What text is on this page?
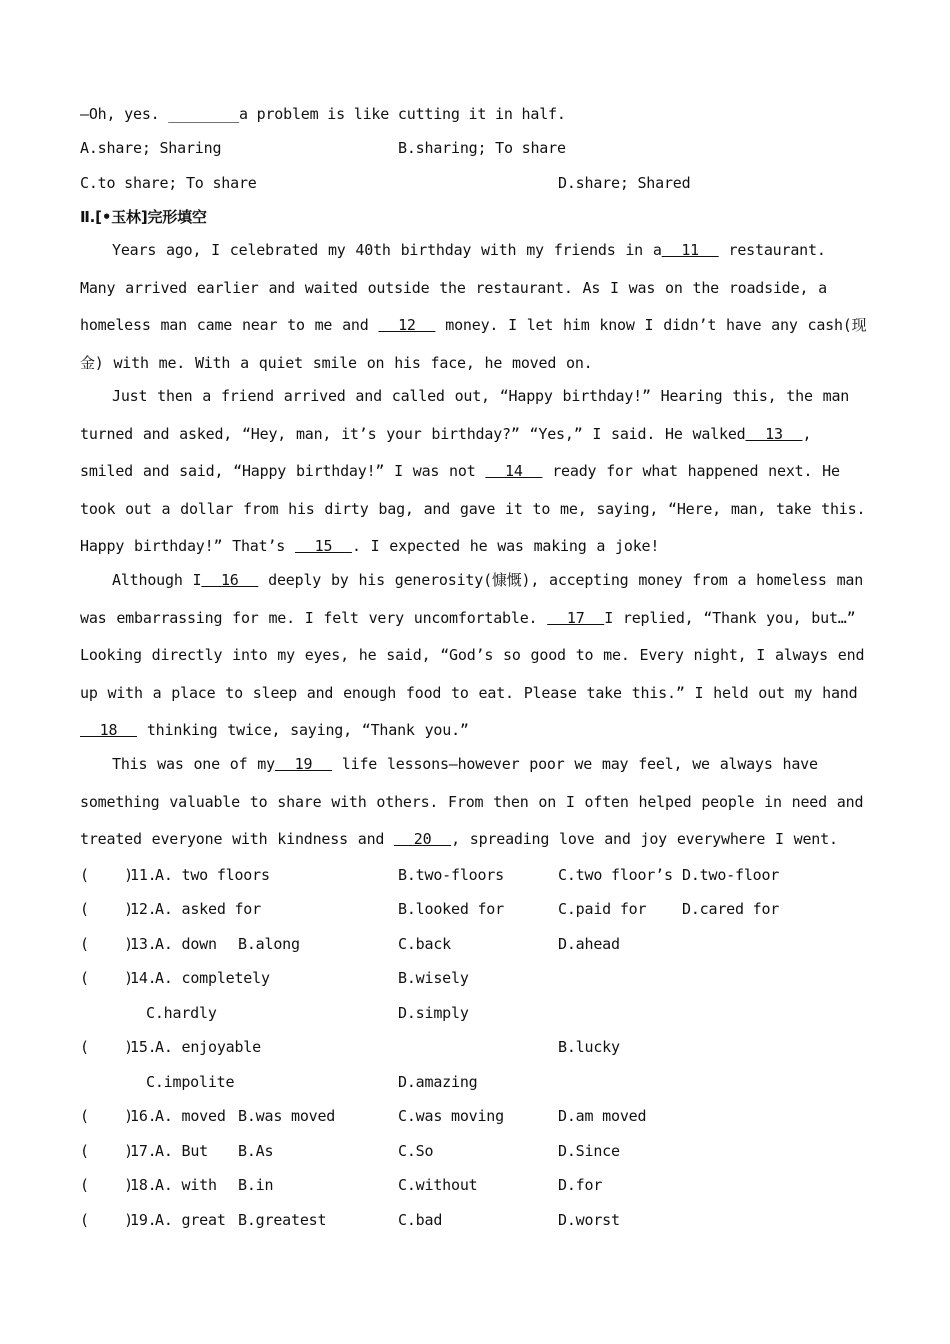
—Oh, yes. ________a problem is like cutting it in half.
A.share; Sharing	B.sharing; To share
C.to share; To share	D.share; Shared
Ⅱ.[•玉林]完形填空
Years ago, I celebrated my 40th birthday with my friends in a  11   restaurant. Many arrived earlier and waited outside the restaurant. As I was on the roadside, a homeless man came near to me and   12   money. I let him know I didn’t have any cash(现金) with me. With a quiet smile on his face, he moved on.
Just then a friend arrived and called out, “Happy birthday!” Hearing this, the man turned and asked, “Hey, man, it’s your birthday?” “Yes,” I said. He walked  13  , smiled and said, “Happy birthday!” I was not   14   ready for what happened next. He took out a dollar from his dirty bag, and gave it to me, saying, “Here, man, take this. Happy birthday!” That’s   15  . I expected he was making a joke!
Although I  16   deeply by his generosity(慷慨), accepting money from a homeless man was embarrassing for me. I felt very uncomfortable.   17  I replied, “Thank you, but…” Looking directly into my eyes, he said, “God’s so good to me. Every night, I always end up with a place to sleep and enough food to eat. Please take this.” I held out my hand   18   thinking twice, saying, “Thank you.”
This was one of my  19   life lessons—however poor we may feel, we always have something valuable to share with others. From then on I often helped people in need and treated everyone with kindness and   20  , spreading love and joy everywhere I went.
(    )
11.
A. two floors	B.two-floors	C.two floor’s D.two-floor
(    )
12.
A. asked for	B.looked for	C.paid for D.cared for
(    )
13.
A. down B.along	C.back	D.ahead
(    )
14.
A. completely	B.wisely
C.hardly	D.simply
(    )
15.
A. enjoyable	B.lucky
C.impolite	D.amazing
(    )
16.
A. moved B.was moved	C.was moving	D.am moved
(    )
17.
A. But B.As	C.So	D.Since
(    )
18.
A. with B.in	C.without	D.for
(    )
19.
A. great B.greatest	C.bad	D.worst
